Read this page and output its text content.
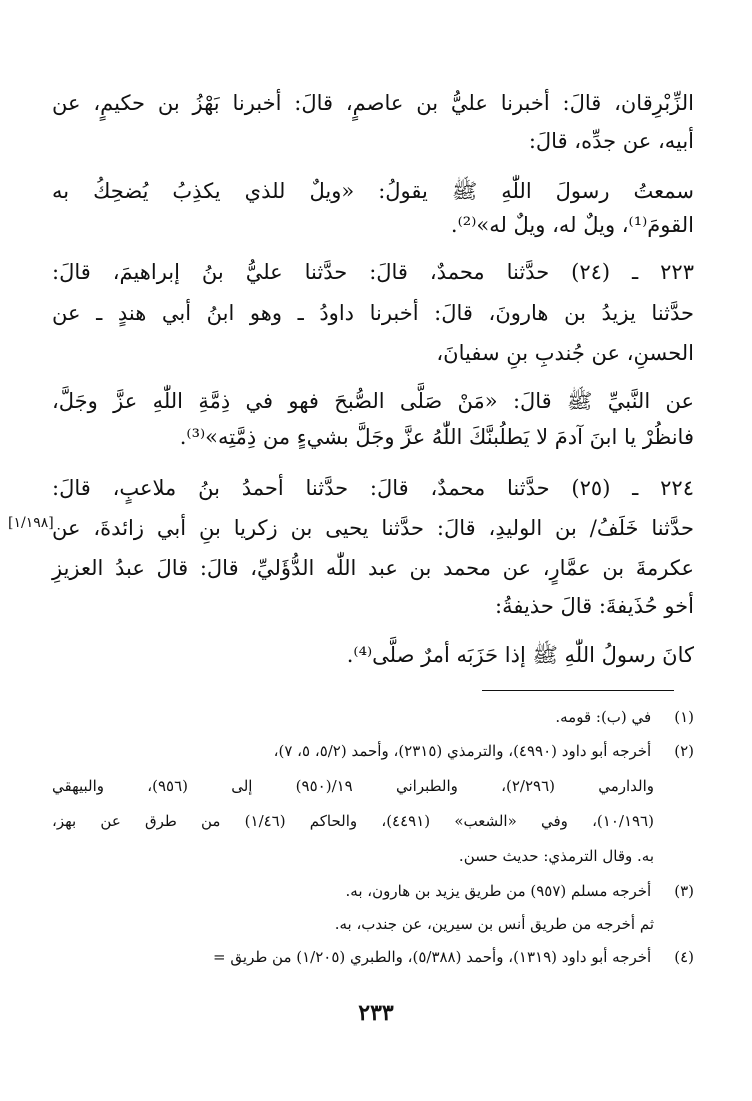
الزِّبْرِقان، قالَ: أخبرنا عليُّ بن عاصمٍ، قالَ: أخبرنا بَهْزُ بن حكيمٍ، عن
أبيه، عن جدِّه، قالَ:
سمعتُ رسولَ اللّٰهِ ﷺ يقولُ: «ويلٌ للذي يكذِبُ يُضحِكُ به
القومَ⁽¹⁾، ويلٌ له، ويلٌ له»⁽²⁾.
٢٢٣ ـ (٢٤) حدَّثنا محمدٌ، قالَ: حدَّثنا عليُّ بنُ إبراهيمَ، قالَ:
حدَّثنا يزيدُ بن هارونَ، قالَ: أخبرنا داودُ ـ وهو ابنُ أبي هندٍ ـ عن
الحسنِ، عن جُندبِ بنِ سفيانَ،
عن النَّبيِّ ﷺ قالَ: «مَنْ صَلَّى الصُّبحَ فهو في ذِمَّةِ اللّٰهِ عزَّ وجَلَّ،
فانظُرْ يا ابنَ آدمَ لا يَطلُبنَّكَ اللّٰهُ عزَّ وجَلَّ بشيءٍ من ذِمَّتِه»⁽³⁾.
٢٢٤ ـ (٢٥) حدَّثنا محمدٌ، قالَ: حدَّثنا أحمدُ بنُ ملاعبٍ، قالَ:
حدَّثنا خَلَفُ/ بن الوليدِ، قالَ: حدَّثنا يحيى بن زكريا بنِ أبي زائدةَ، عن
عكرمةَ بن عمَّارٍ، عن محمد بن عبد اللّٰه الدُّؤَليِّ، قالَ: قالَ عبدُ العزيزِ
أخو حُذَيفةَ: قالَ حذيفةُ:
كانَ رسولُ اللّٰهِ ﷺ إذا حَزَبَه أمرٌ صلَّى⁽⁴⁾.
[١/١٩٨]
(١) في (ب): قومه.
(٢) أخرجه أبو داود (٤٩٩٠)، والترمذي (٢٣١٥)، وأحمد (٥/٢، ٥، ٧)،
والدارمي (٢/٢٩٦)، والطبراني ١٩/(٩٥٠) إلى (٩٥٦)، والبيهقي
(١٠/١٩٦)، وفي «الشعب» (٤٤٩١)، والحاكم (١/٤٦) من طرق عن بهز،
به. وقال الترمذي: حديث حسن.
(٣) أخرجه مسلم (٩٥٧) من طريق يزيد بن هارون، به.
ثم أخرجه من طريق أنس بن سيرين، عن جندب، به.
(٤) أخرجه أبو داود (١٣١٩)، وأحمد (٥/٣٨٨)، والطبري (١/٢٠٥) من طريق =
٢٣٣
